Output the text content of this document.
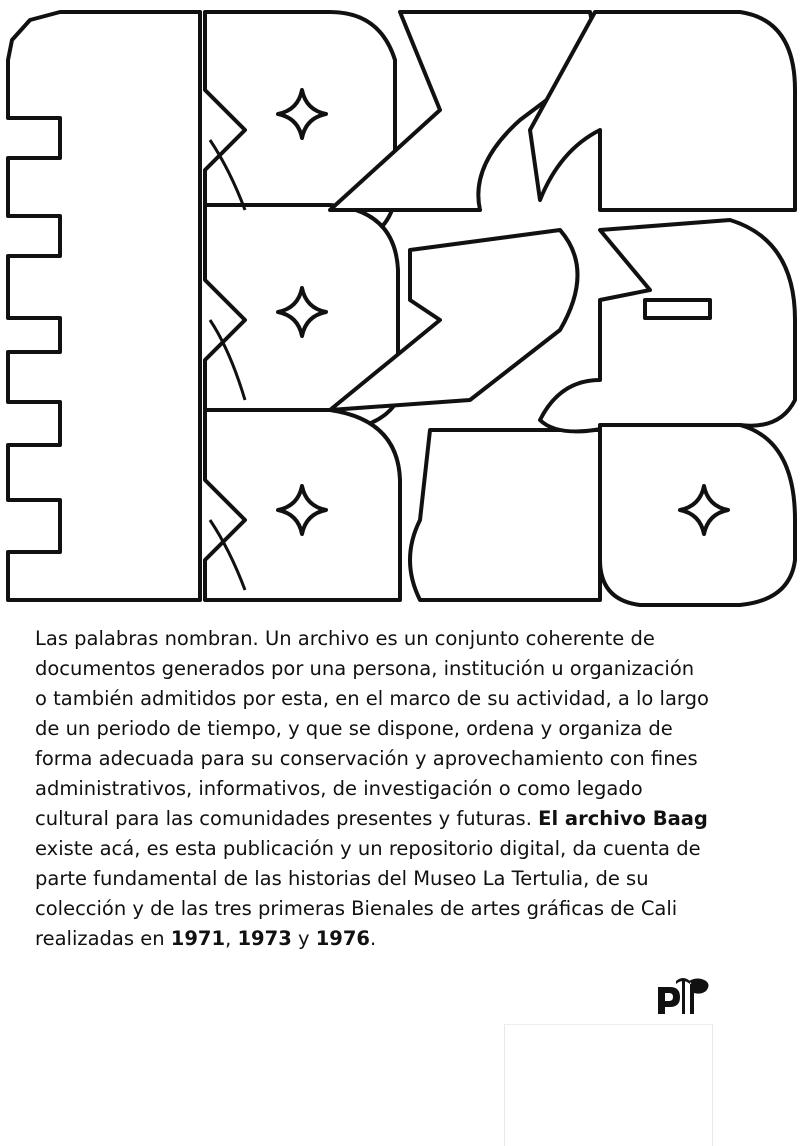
Las palabras nombran. Un archivo es un conjunto coherente de
documentos generados por una persona, institución u organización
o también admitidos por esta, en el marco de su actividad, a lo largo
de un periodo de tiempo, y que se dispone, ordena y organiza de
forma adecuada para su conservación y aprovechamiento con fines
administrativos, informativos, de investigación o como legado
cultural para las comunidades presentes y futuras. El archivo Baag
existe acá, es esta publicación y un repositorio digital, da cuenta de
parte fundamental de las historias del Museo La Tertulia, de su
colección y de las tres primeras Bienales de artes gráficas de Cali
realizadas en 1971, 1973 y 1976.
